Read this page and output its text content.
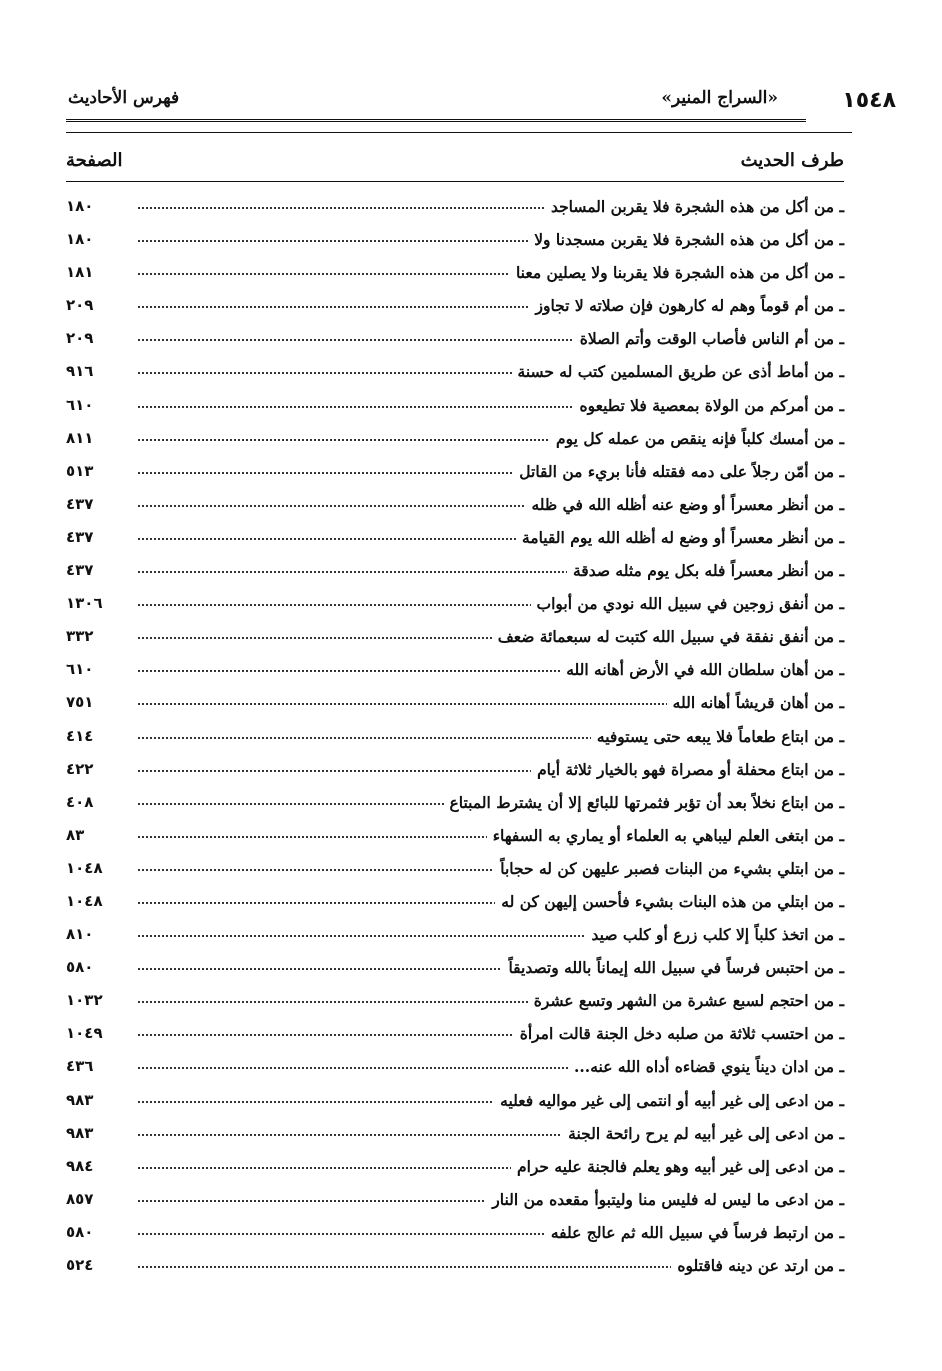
١٥٤٨
«السراج المنير»
فهرس الأحاديث
طرف الحديث
الصفحة
ـ من أكل من هذه الشجرة فلا يقربن المساجد
١٨٠
ـ من أكل من هذه الشجرة فلا يقربن مسجدنا ولا
١٨٠
ـ من أكل من هذه الشجرة فلا يقربنا ولا يصلين معنا
١٨١
ـ من أم قوماً وهم له كارهون فإن صلاته لا تجاوز
٢٠٩
ـ من أم الناس فأصاب الوقت وأتم الصلاة
٢٠٩
ـ من أماط أذى عن طريق المسلمين كتب له حسنة
٩١٦
ـ من أمركم من الولاة بمعصية فلا تطيعوه
٦١٠
ـ من أمسك كلباً فإنه ينقص من عمله كل يوم
٨١١
ـ من أمّن رجلاً على دمه فقتله فأنا بريء من القاتل
٥١٣
ـ من أنظر معسراً أو وضع عنه أظله الله في ظله
٤٣٧
ـ من أنظر معسراً أو وضع له أظله الله يوم القيامة
٤٣٧
ـ من أنظر معسراً فله بكل يوم مثله صدقة
٤٣٧
ـ من أنفق زوجين في سبيل الله نودي من أبواب
١٣٠٦
ـ من أنفق نفقة في سبيل الله كتبت له سبعمائة ضعف
٣٣٢
ـ من أهان سلطان الله في الأرض أهانه الله
٦١٠
ـ من أهان قريشاً أهانه الله
٧٥١
ـ من ابتاع طعاماً فلا يبعه حتى يستوفيه
٤١٤
ـ من ابتاع محفلة أو مصراة فهو بالخيار ثلاثة أيام
٤٢٢
ـ من ابتاع نخلاً بعد أن تؤبر فثمرتها للبائع إلا أن يشترط المبتاع
٤٠٨
ـ من ابتغى العلم ليباهي به العلماء أو يماري به السفهاء
٨٣
ـ من ابتلي بشيء من البنات فصبر عليهن كن له حجاباً
١٠٤٨
ـ من ابتلي من هذه البنات بشيء فأحسن إليهن كن له
١٠٤٨
ـ من اتخذ كلباً إلا كلب زرع أو كلب صيد
٨١٠
ـ من احتبس فرساً في سبيل الله إيماناً بالله وتصديقاً
٥٨٠
ـ من احتجم لسبع عشرة من الشهر وتسع عشرة
١٠٣٢
ـ من احتسب ثلاثة من صلبه دخل الجنة قالت امرأة
١٠٤٩
ـ من ادان ديناً ينوي قضاءه أداه الله عنه...
٤٣٦
ـ من ادعى إلى غير أبيه أو انتمى إلى غير مواليه فعليه
٩٨٣
ـ من ادعى إلى غير أبيه لم يرح رائحة الجنة
٩٨٣
ـ من ادعى إلى غير أبيه وهو يعلم فالجنة عليه حرام
٩٨٤
ـ من ادعى ما ليس له فليس منا وليتبوأ مقعده من النار
٨٥٧
ـ من ارتبط فرساً في سبيل الله ثم عالج علفه
٥٨٠
ـ من ارتد عن دينه فاقتلوه
٥٢٤
